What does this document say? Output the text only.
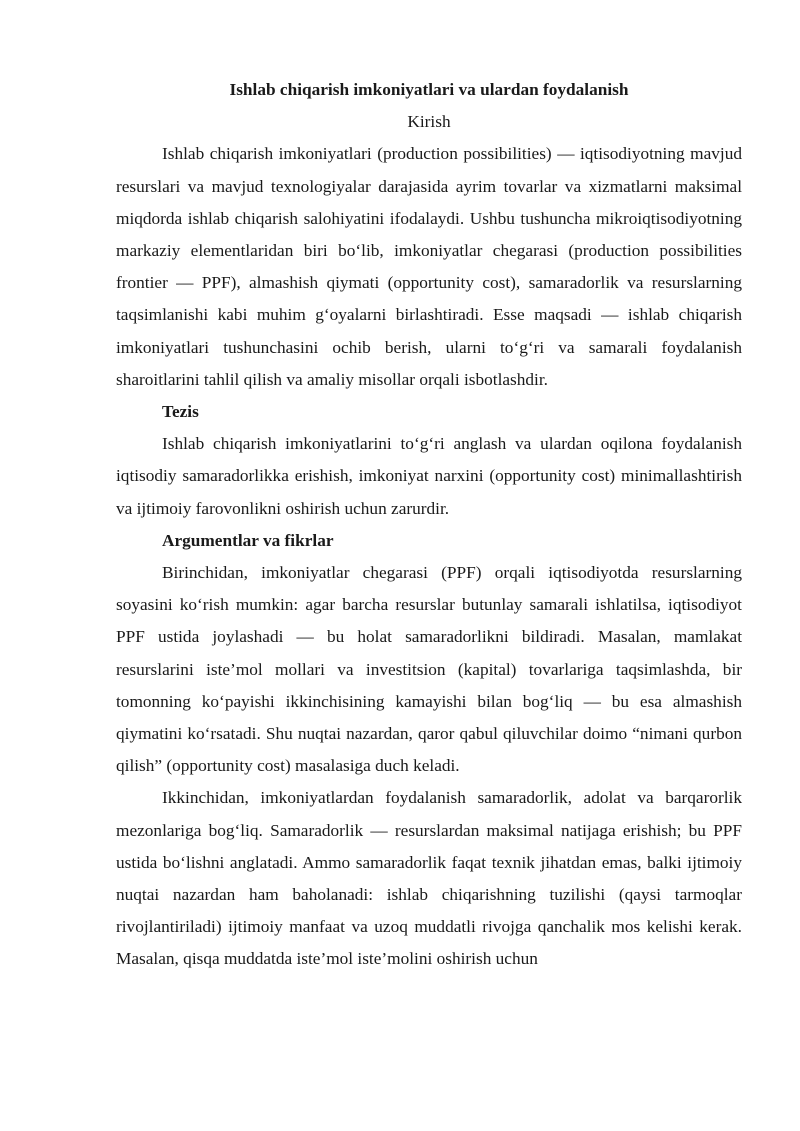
Ishlab chiqarish imkoniyatlari va ulardan foydalanish

Kirish

Ishlab chiqarish imkoniyatlari (production possibilities) — iqtisodiyotning mavjud resurslari va mavjud texnologiyalar darajasida ayrim tovarlar va xizmatlarni maksimal miqdorda ishlab chiqarish salohiyatini ifodalaydi. Ushbu tushuncha mikroiqtisodiyotning markaziy elementlaridan biri bo‘lib, imkoniyatlar chegarasi (production possibilities frontier — PPF), almashish qiymati (opportunity cost), samaradorlik va resurslarning taqsimlanishi kabi muhim g‘oyalarni birlashtiradi. Esse maqsadi — ishlab chiqarish imkoniyatlari tushunchasini ochib berish, ularni to‘g‘ri va samarali foydalanish sharoitlarini tahlil qilish va amaliy misollar orqali isbotlashdir.

Tezis

Ishlab chiqarish imkoniyatlarini to‘g‘ri anglash va ulardan oqilona foydalanish iqtisodiy samaradorlikka erishish, imkoniyat narxini (opportunity cost) minimallashtirish va ijtimoiy farovonlikni oshirish uchun zarurdir.

Argumentlar va fikrlar

Birinchidan, imkoniyatlar chegarasi (PPF) orqali iqtisodiyotda resurslarning soyasini ko‘rish mumkin: agar barcha resurslar butunlay samarali ishlatilsa, iqtisodiyot PPF ustida joylashadi — bu holat samaradorlikni bildiradi. Masalan, mamlakat resurslarini iste’mol mollari va investitsion (kapital) tovarlariga taqsimlashda, bir tomonning ko‘payishi ikkinchisining kamayishi bilan bog‘liq — bu esa almashish qiymatini ko‘rsatadi. Shu nuqtai nazardan, qaror qabul qiluvchilar doimo “nimani qurbon qilish” (opportunity cost) masalasiga duch keladi.

Ikkinchidan, imkoniyatlardan foydalanish samaradorlik, adolat va barqarorlik mezonlariga bog‘liq. Samaradorlik — resurslardan maksimal natijaga erishish; bu PPF ustida bo‘lishni anglatadi. Ammo samaradorlik faqat texnik jihatdan emas, balki ijtimoiy nuqtai nazardan ham baholanadi: ishlab chiqarishning tuzilishi (qaysi tarmoqlar rivojlantiriladi) ijtimoiy manfaat va uzoq muddatli rivojga qanchalik mos kelishi kerak. Masalan, qisqa muddatda iste’mol iste’molini oshirish uchun
